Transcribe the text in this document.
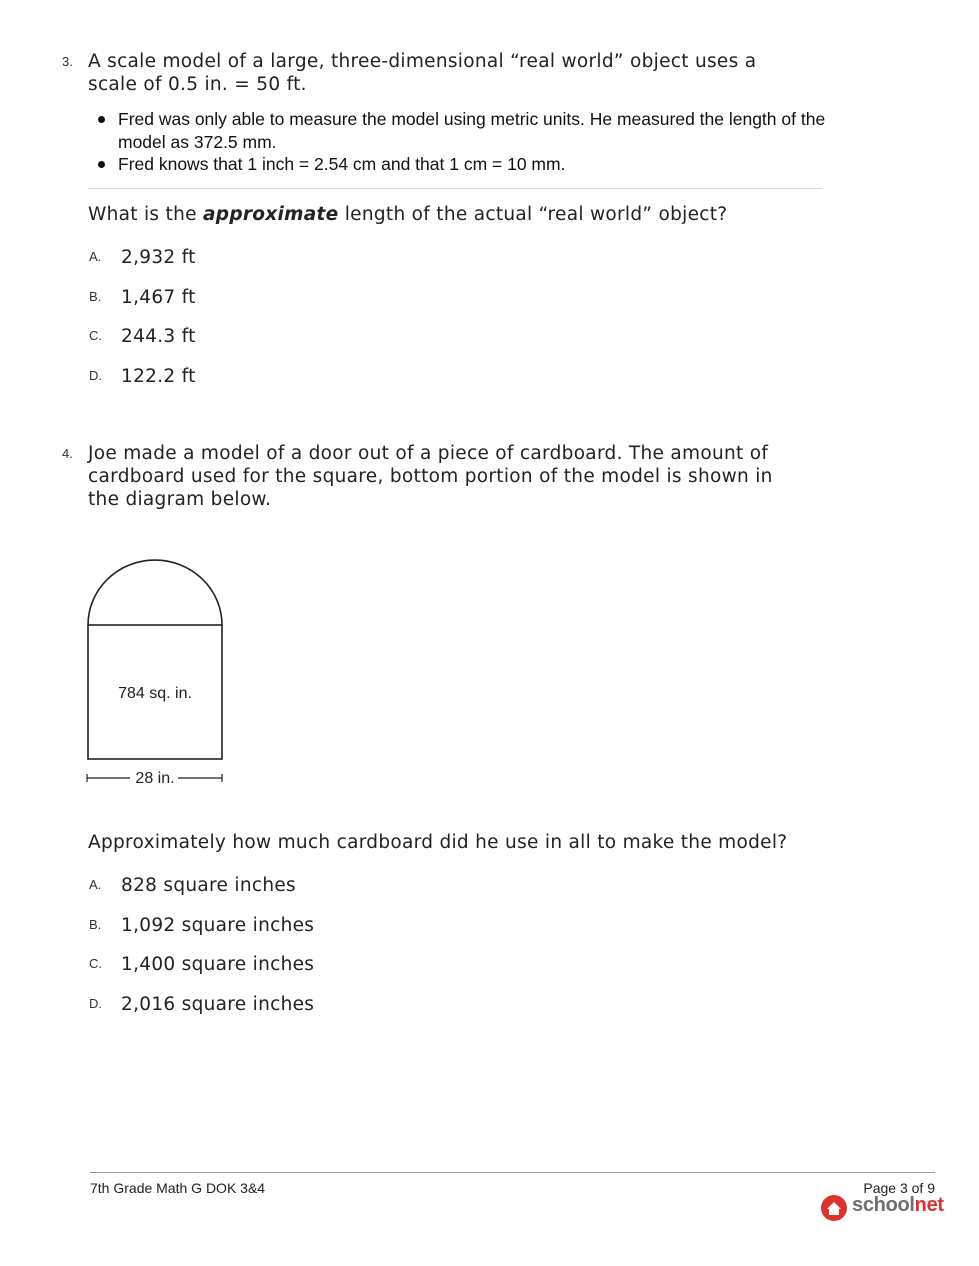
3. A scale model of a large, three-dimensional “real world” object uses a
scale of 0.5 in. = 50 ft.
Fred was only able to measure the model using metric units. He measured the length of the model as 372.5 mm.
Fred knows that 1 inch = 2.54 cm and that 1 cm = 10 mm.
What is the approximate length of the actual “real world” object?
A. 2,932 ft
B. 1,467 ft
C. 244.3 ft
D. 122.2 ft
4. Joe made a model of a door out of a piece of cardboard. The amount of
cardboard used for the square, bottom portion of the model is shown in
the diagram below.
784 sq. in.
28 in.
Approximately how much cardboard did he use in all to make the model?
A. 828 square inches
B. 1,092 square inches
C. 1,400 square inches
D. 2,016 square inches
7th Grade Math G DOK 3&4	Page 3 of 9
schoolnet
